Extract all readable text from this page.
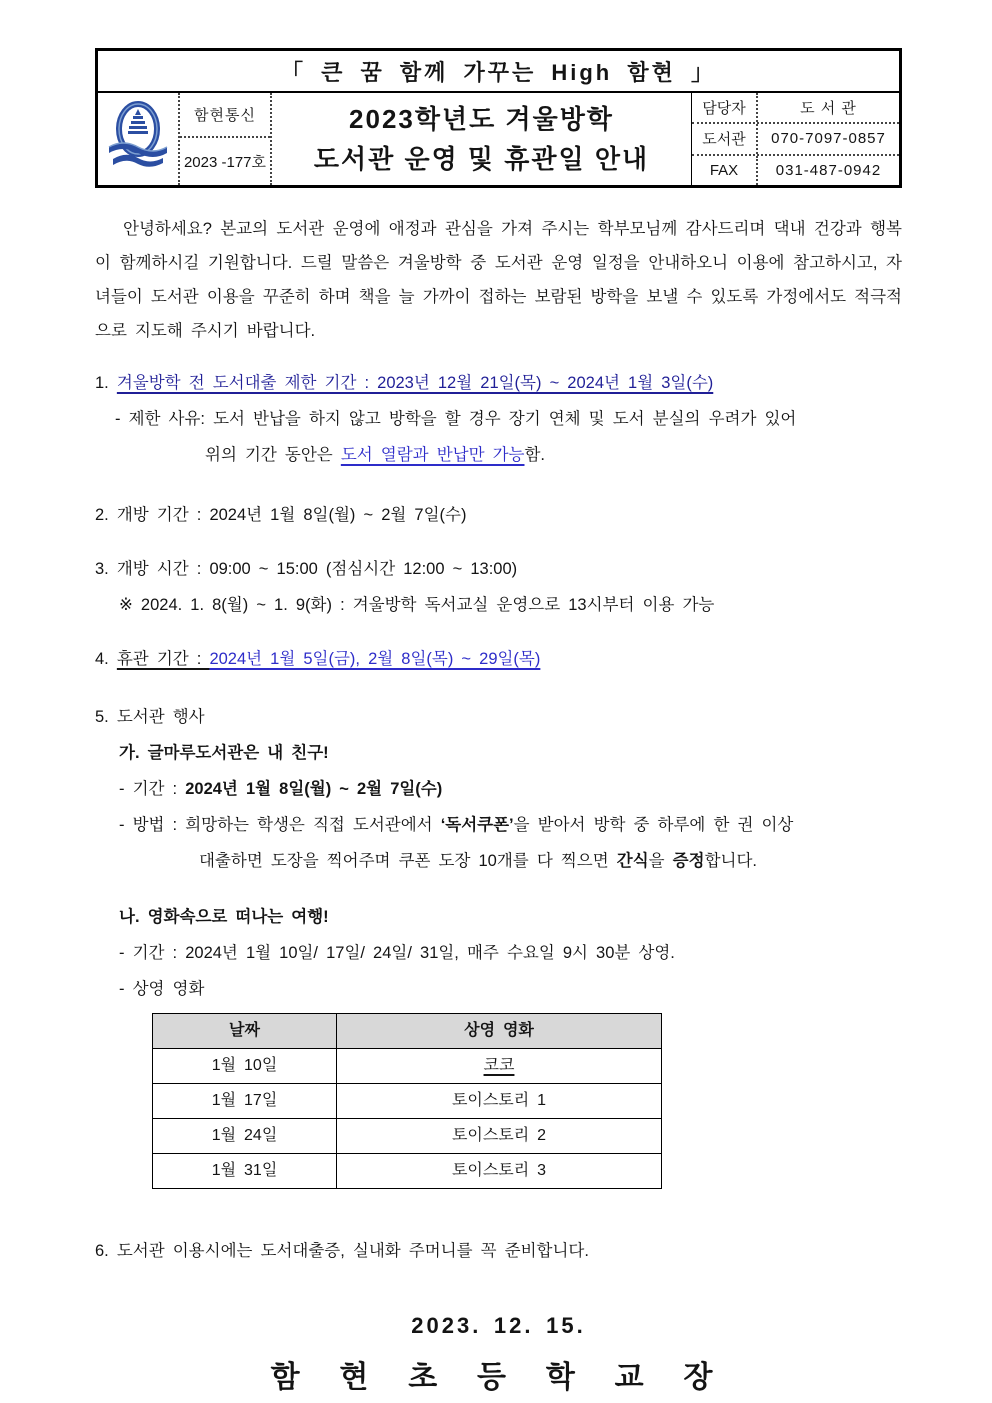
「 큰 꿈 함께 가꾸는 High 함현 」
함현통신
2023 -177호
2023학년도 겨울방학
도서관 운영 및 휴관일 안내
담당자	도 서 관
도서관	070-7097-0857
FAX	031-487-0942

안녕하세요? 본교의 도서관 운영에 애정과 관심을 가져 주시는 학부모님께 감사드리며 댁내 건강과 행복이 함께하시길 기원합니다. 드릴 말씀은 겨울방학 중 도서관 운영 일정을 안내하오니 이용에 참고하시고, 자녀들이 도서관 이용을 꾸준히 하며 책을 늘 가까이 접하는 보람된 방학을 보낼 수 있도록 가정에서도 적극적으로 지도해 주시기 바랍니다.

1. 겨울방학 전 도서대출 제한 기간 : 2023년 12월 21일(목) ~ 2024년 1월 3일(수)
- 제한 사유: 도서 반납을 하지 않고 방학을 할 경우 장기 연체 및 도서 분실의 우려가 있어
위의 기간 동안은 도서 열람과 반납만 가능함.
2. 개방 기간 : 2024년 1월 8일(월) ~ 2월 7일(수)
3. 개방 시간 : 09:00 ~ 15:00 (점심시간 12:00 ~ 13:00)
※ 2024. 1. 8(월) ~ 1. 9(화) : 겨울방학 독서교실 운영으로 13시부터 이용 가능
4. 휴관 기간 : 2024년 1월 5일(금), 2월 8일(목) ~ 29일(목)
5. 도서관 행사
가. 글마루도서관은 내 친구!
- 기간 : 2024년 1월 8일(월) ~ 2월 7일(수)
- 방법 : 희망하는 학생은 직접 도서관에서 ‘독서쿠폰’을 받아서 방학 중 하루에 한 권 이상
대출하면 도장을 찍어주며 쿠폰 도장 10개를 다 찍으면 간식을 증정합니다.
나. 영화속으로 떠나는 여행!
- 기간 : 2024년 1월 10일/ 17일/ 24일/ 31일, 매주 수요일 9시 30분 상영.
- 상영 영화
날짜	상영 영화
1월 10일	코코
1월 17일	토이스토리 1
1월 24일	토이스토리 2
1월 31일	토이스토리 3
6. 도서관 이용시에는 도서대출증, 실내화 주머니를 꼭 준비합니다.
2023. 12. 15.
함 현 초 등 학 교 장
